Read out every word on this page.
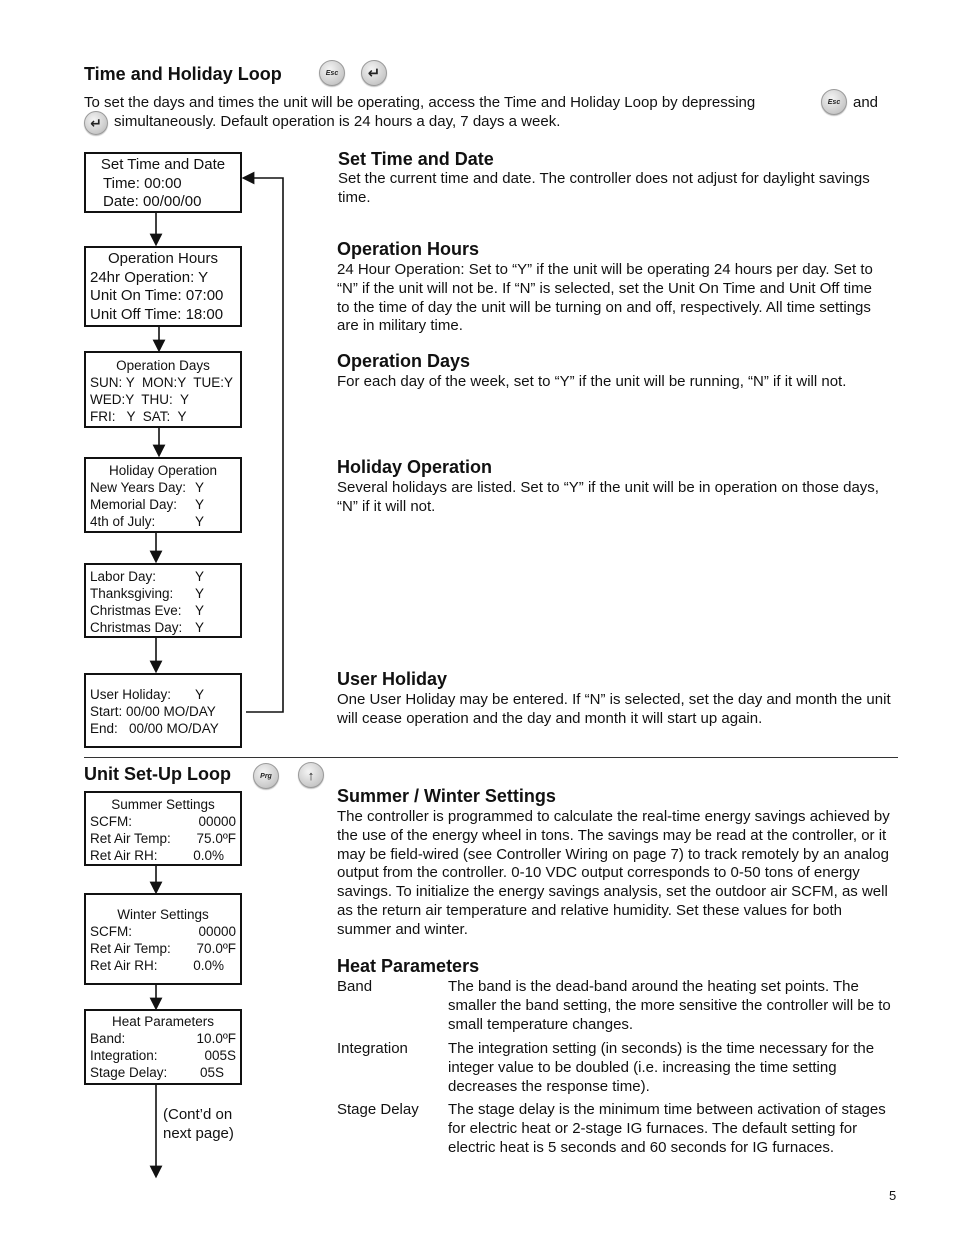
Time and Holiday Loop	Esc	↵
To set the days and times the unit will be operating, access the Time and Holiday Loop by depressing	Esc and
↵ simultaneously. Default operation is 24 hours a day, 7 days a week.
Set Time and Date
Time: 00:00
Date: 00/00/00
Operation Hours
24hr Operation: Y
Unit On Time: 07:00
Unit Off Time: 18:00
Operation Days
SUN: Y  MON:Y  TUE:Y
WED:Y  THU:  Y
FRI:   Y  SAT:  Y
Holiday Operation
New Years Day: Y
Memorial Day:	Y
4th of July:	Y
Labor Day:	Y
Thanksgiving:	Y
Christmas Eve: Y
Christmas Day: Y
User Holiday:	Y
Start: 00/00 MO/DAY
End:   00/00 MO/DAY
Set Time and Date
Set the current time and date. The controller does not adjust for daylight savings time.
Operation Hours
24 Hour Operation: Set to “Y” if the unit will be operating 24 hours per day. Set to “N” if the unit will not be. If “N” is selected, set the Unit On Time and Unit Off time to the time of day the unit will be turning on and off, respectively. All time settings are in military time.
Operation Days
For each day of the week, set to “Y” if the unit will be running, “N” if it will not.
Holiday Operation
Several holidays are listed. Set to “Y” if the unit will be in operation on those days, “N” if it will not.
User Holiday
One User Holiday may be entered. If “N” is selected, set the day and month the unit will cease operation and the day and month it will start up again.
Unit Set-Up Loop	Prg	↑
Summer Settings
SCFM:	00000
Ret Air Temp:	75.0ºF
Ret Air RH:	0.0%
Winter Settings
SCFM:	00000
Ret Air Temp:	70.0ºF
Ret Air RH:	0.0%
Heat Parameters
Band:	10.0ºF
Integration:	005S
Stage Delay:	05S
(Cont’d on next page)
Summer / Winter Settings
The controller is programmed to calculate the real-time energy savings achieved by the use of the energy wheel in tons. The savings may be read at the controller, or it may be field-wired (see Controller Wiring on page 7) to track remotely by an analog output from the controller. 0-10 VDC output corresponds to 0-50 tons of energy savings. To initialize the energy savings analysis, set the outdoor air SCFM, as well as the return air temperature and relative humidity. Set these values for both summer and winter.
Heat Parameters
Band	The band is the dead-band around the heating set points. The smaller the band setting, the more sensitive the controller will be to small temperature changes.
Integration	The integration setting (in seconds) is the time necessary for the integer value to be doubled (i.e. increasing the time setting decreases the response time).
Stage Delay	The stage delay is the minimum time between activation of stages for electric heat or 2-stage IG furnaces. The default setting for electric heat is 5 seconds and 60 seconds for IG furnaces.
5
